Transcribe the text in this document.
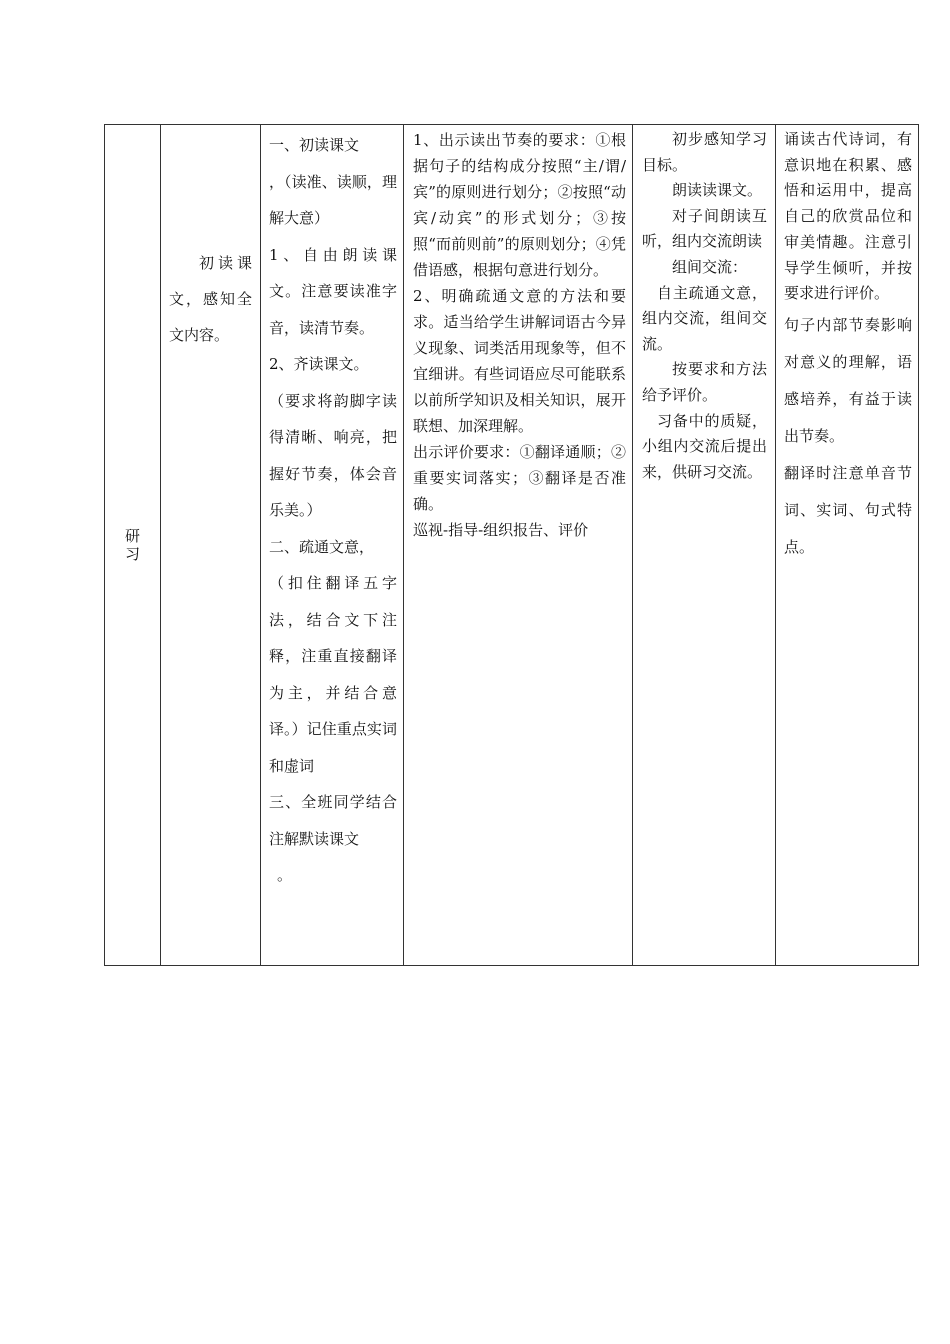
研习

初读课文，感知全文内容。

一、初读课文
，（读准、读顺，理解大意）
1、自由朗读课文。注意要读准字音，读清节奏。
2、齐读课文。
（要求将韵脚字读得清晰、响亮，把握好节奏，体会音乐美。）
二、疏通文意，
（扣住翻译五字法，结合文下注释，注重直接翻译为主，并结合意译。）记住重点实词和虚词
三、全班同学结合注解默读课文
。

1、出示读出节奏的要求：①根据句子的结构成分按照“主/谓/宾”的原则进行划分；②按照“动宾/动宾”的形式划分；③按照“而前则前”的原则划分；④凭借语感，根据句意进行划分。
2、明确疏通文意的方法和要求。适当给学生讲解词语古今异义现象、词类活用现象等，但不宜细讲。有些词语应尽可能联系以前所学知识及相关知识，展开联想、加深理解。
出示评价要求：①翻译通顺；②重要实词落实；③翻译是否准确。
巡视-指导-组织报告、评价

初步感知学习目标。
朗读读课文。
对子间朗读互听，组内交流朗读
组间交流：
自主疏通文意，组内交流，组间交流。
按要求和方法给予评价。
习备中的质疑，小组内交流后提出来，供研习交流。

诵读古代诗词，有意识地在积累、感悟和运用中，提高自己的欣赏品位和审美情趣。注意引导学生倾听，并按要求进行评价。
句子内部节奏影响对意义的理解，语感培养，有益于读出节奏。
翻译时注意单音节词、实词、句式特点。
